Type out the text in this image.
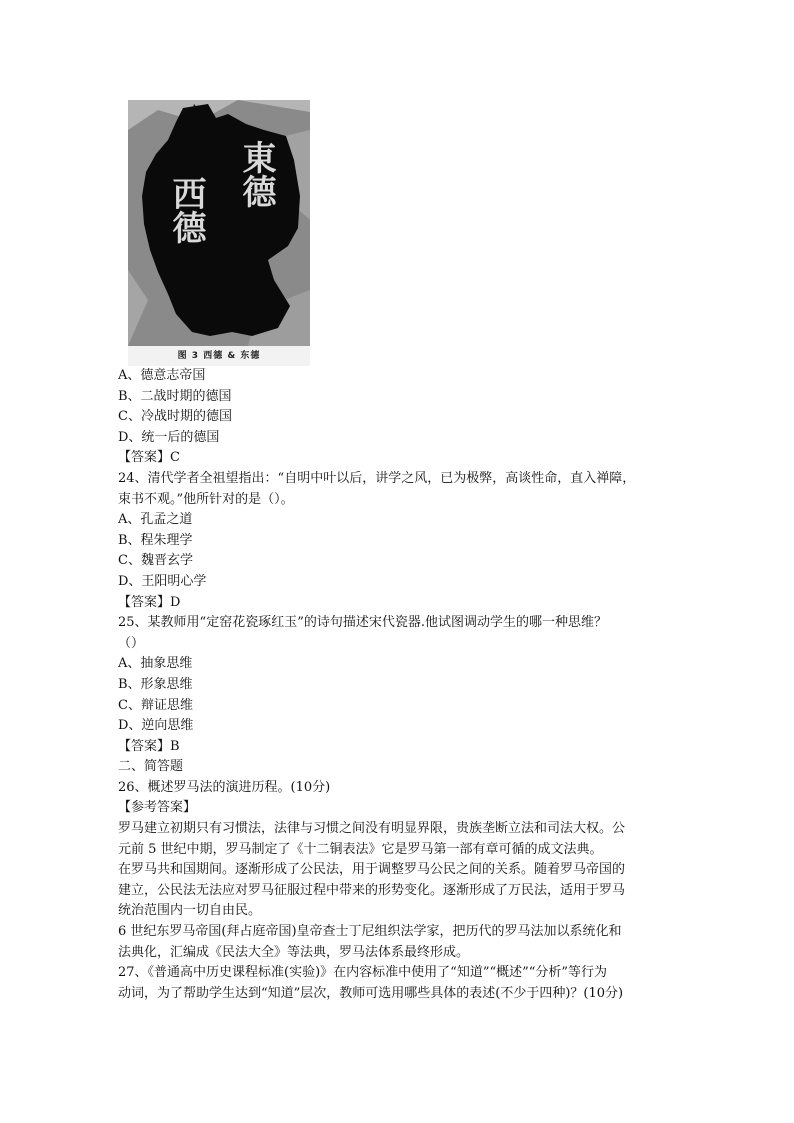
東德
西德
图 3 西德 & 东德

A、德意志帝国

B、二战时期的德国

C、冷战时期的德国

D、统一后的德国

【答案】C

24、清代学者全祖望指出：“自明中叶以后，讲学之风，已为极弊，高谈性命，直入禅障，

束书不观。”他所针对的是（）。

A、孔孟之道

B、程朱理学

C、魏晋玄学

D、王阳明心学

【答案】D

25、某教师用“定窑花瓷琢红玉”的诗句描述宋代瓷器.他试图调动学生的哪一种思维？

（）

A、抽象思维

B、形象思维

C、辩证思维

D、逆向思维

【答案】B

二、简答题

26、概述罗马法的演进历程。(10分)

【参考答案】

罗马建立初期只有习惯法，法律与习惯之间没有明显界限，贵族垄断立法和司法大权。公

元前 5 世纪中期，罗马制定了《十二铜表法》它是罗马第一部有章可循的成文法典。

在罗马共和国期间。逐渐形成了公民法，用于调整罗马公民之间的关系。随着罗马帝国的

建立，公民法无法应对罗马征服过程中带来的形势变化。逐渐形成了万民法，适用于罗马

统治范围内一切自由民。

6 世纪东罗马帝国(拜占庭帝国)皇帝查士丁尼组织法学家，把历代的罗马法加以系统化和

法典化，汇编成《民法大全》等法典，罗马法体系最终形成。

27、《普通高中历史课程标准(实验)》在内容标准中使用了“知道”“概述”“分析”等行为

动词，为了帮助学生达到“知道”层次，教师可选用哪些具体的表述(不少于四种)？(10分)
